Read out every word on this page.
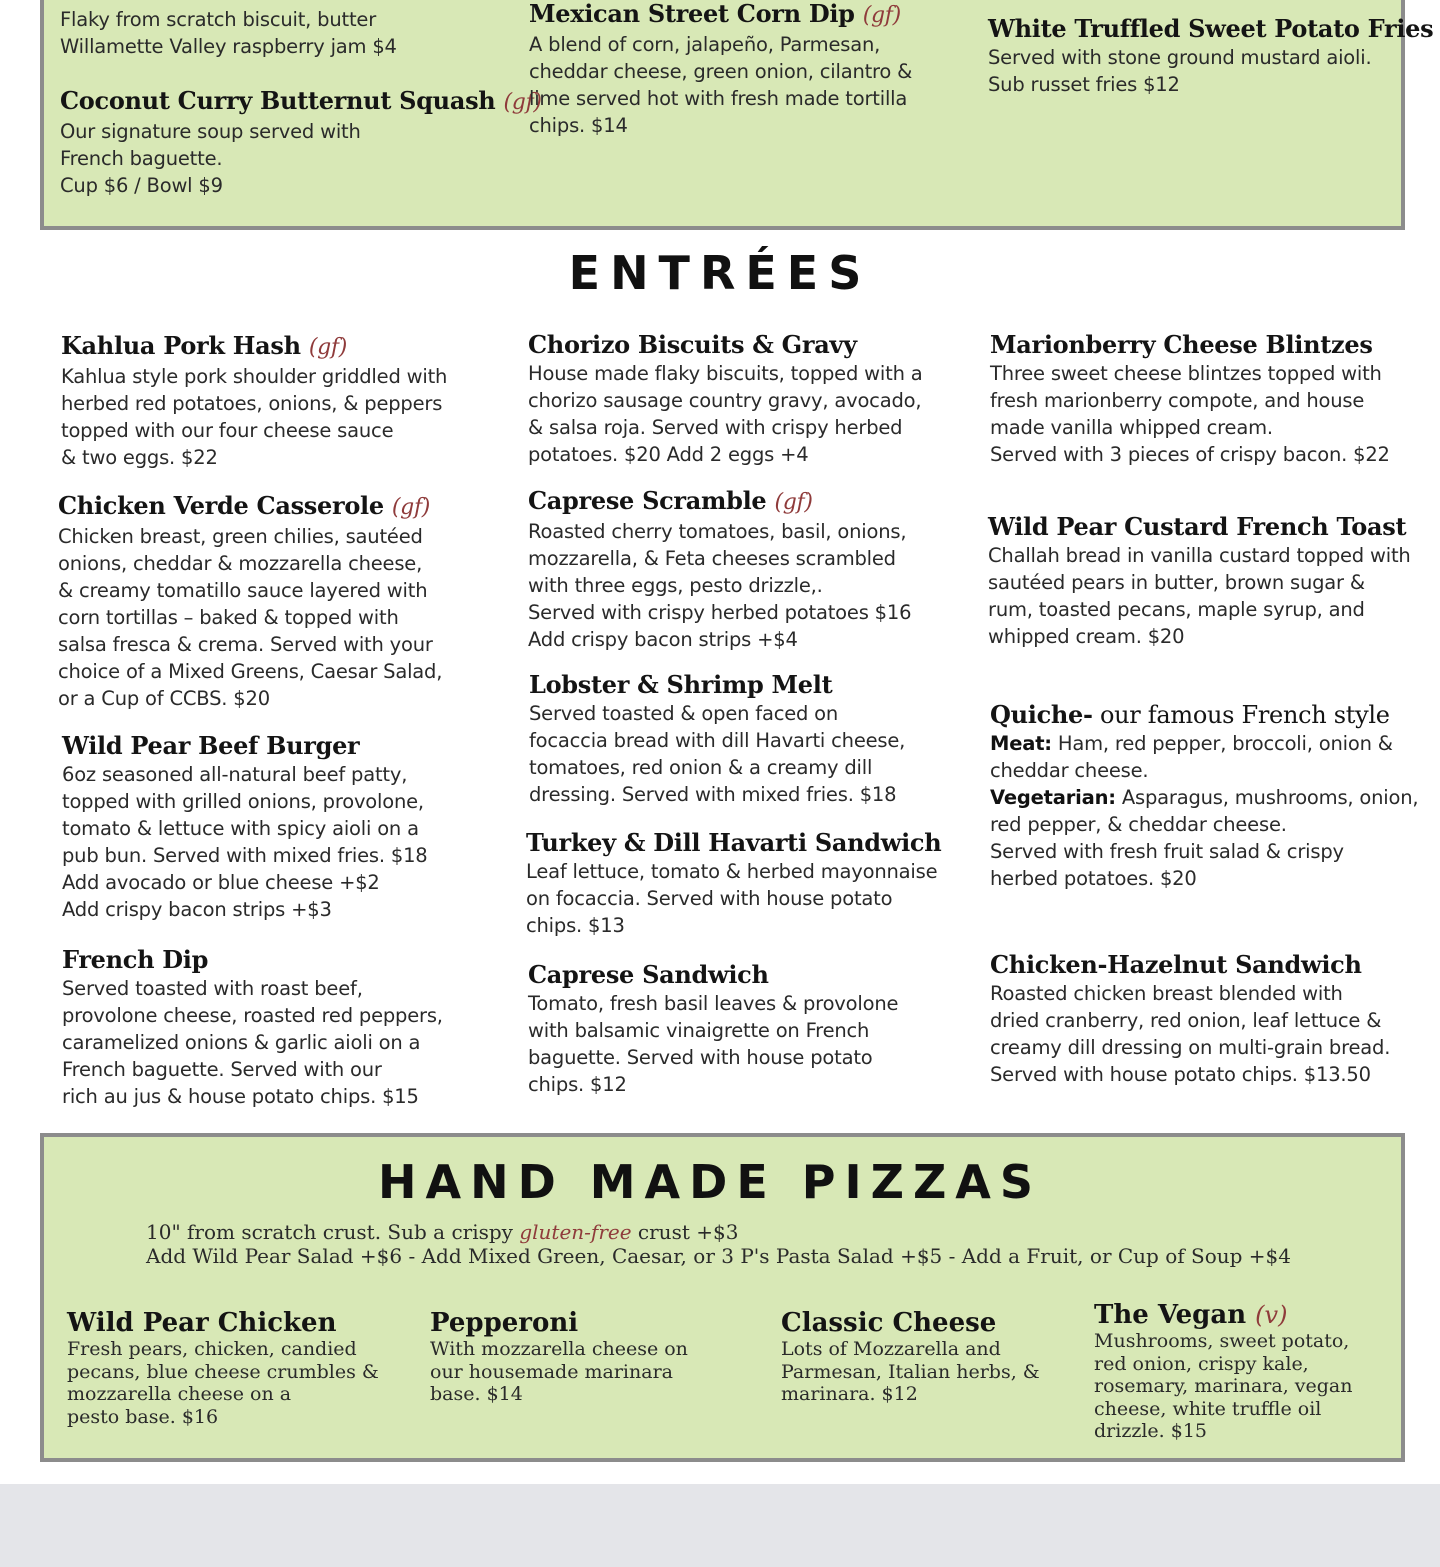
Flaky from scratch biscuit, butter
Willamette Valley raspberry jam $4
Coconut Curry Butternut Squash (gf)
Our signature soup served with
French baguette.
Cup $6 / Bowl $9
Mexican Street Corn Dip (gf)
A blend of corn, jalapeño, Parmesan,
cheddar cheese, green onion, cilantro &
lime served hot with fresh made tortilla
chips. $14
White Truffled Sweet Potato Fries
Served with stone ground mustard aioli.
Sub russet fries $12
ENTRÉES
Kahlua Pork Hash (gf)
Kahlua style pork shoulder griddled with
herbed red potatoes, onions, & peppers
topped with our four cheese sauce
& two eggs. $22
Chicken Verde Casserole (gf)
Chicken breast, green chilies, sautéed
onions, cheddar & mozzarella cheese,
& creamy tomatillo sauce layered with
corn tortillas – baked & topped with
salsa fresca & crema. Served with your
choice of a Mixed Greens, Caesar Salad,
or a Cup of CCBS. $20
Wild Pear Beef Burger
6oz seasoned all-natural beef patty,
topped with grilled onions, provolone,
tomato & lettuce with spicy aioli on a
pub bun. Served with mixed fries. $18
Add avocado or blue cheese +$2
Add crispy bacon strips +$3
French Dip
Served toasted with roast beef,
provolone cheese, roasted red peppers,
caramelized onions & garlic aioli on a
French baguette. Served with our
rich au jus & house potato chips. $15
Chorizo Biscuits & Gravy
House made flaky biscuits, topped with a
chorizo sausage country gravy, avocado,
& salsa roja. Served with crispy herbed
potatoes. $20 Add 2 eggs +4
Caprese Scramble (gf)
Roasted cherry tomatoes, basil, onions,
mozzarella, & Feta cheeses scrambled
with three eggs, pesto drizzle,.
Served with crispy herbed potatoes $16
Add crispy bacon strips +$4
Lobster & Shrimp Melt
Served toasted & open faced on
focaccia bread with dill Havarti cheese,
tomatoes, red onion & a creamy dill
dressing. Served with mixed fries. $18
Turkey & Dill Havarti Sandwich
Leaf lettuce, tomato & herbed mayonnaise
on focaccia. Served with house potato
chips. $13
Caprese Sandwich
Tomato, fresh basil leaves & provolone
with balsamic vinaigrette on French
baguette. Served with house potato
chips. $12
Marionberry Cheese Blintzes
Three sweet cheese blintzes topped with
fresh marionberry compote, and house
made vanilla whipped cream.
Served with 3 pieces of crispy bacon. $22
Wild Pear Custard French Toast
Challah bread in vanilla custard topped with
sautéed pears in butter, brown sugar &
rum, toasted pecans, maple syrup, and
whipped cream. $20
Quiche- our famous French style
Meat: Ham, red pepper, broccoli, onion &
cheddar cheese.
Vegetarian: Asparagus, mushrooms, onion,
red pepper, & cheddar cheese.
Served with fresh fruit salad & crispy
herbed potatoes. $20
Chicken-Hazelnut Sandwich
Roasted chicken breast blended with
dried cranberry, red onion, leaf lettuce &
creamy dill dressing on multi-grain bread.
Served with house potato chips. $13.50
HAND MADE PIZZAS
10" from scratch crust. Sub a crispy gluten-free crust +$3
Add Wild Pear Salad +$6 - Add Mixed Green, Caesar, or 3 P's Pasta Salad +$5 - Add a Fruit, or Cup of Soup +$4
Wild Pear Chicken
Fresh pears, chicken, candied
pecans, blue cheese crumbles &
mozzarella cheese on a
pesto base. $16
Pepperoni
With mozzarella cheese on
our housemade marinara
base. $14
Classic Cheese
Lots of Mozzarella and
Parmesan, Italian herbs, &
marinara. $12
The Vegan (v)
Mushrooms, sweet potato,
red onion, crispy kale,
rosemary, marinara, vegan
cheese, white truffle oil
drizzle. $15
